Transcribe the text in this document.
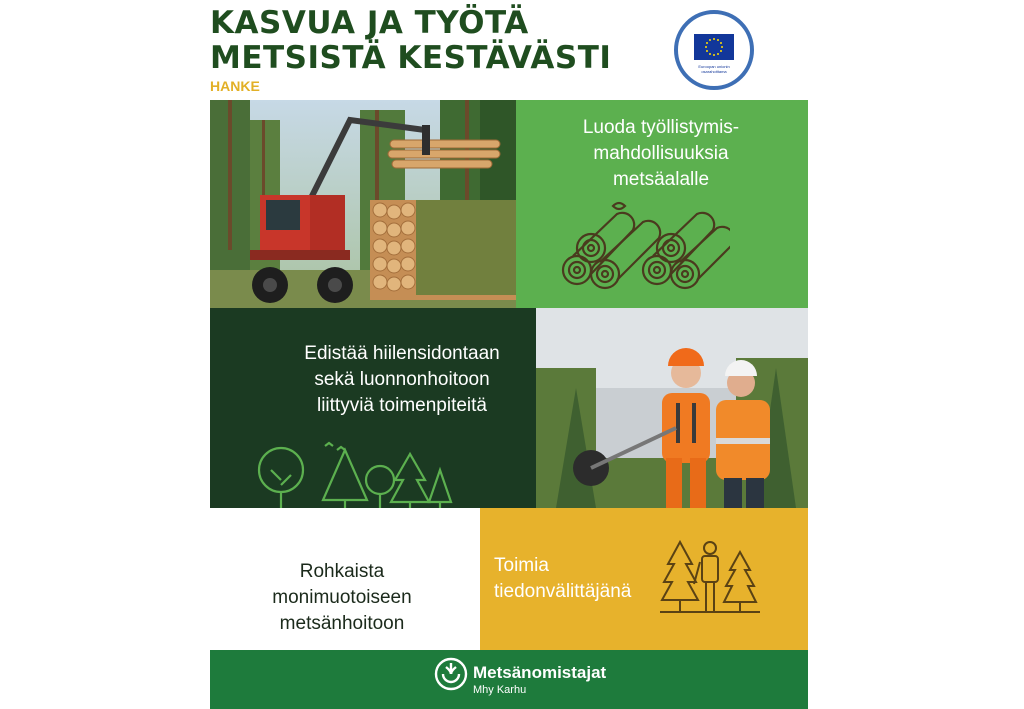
KASVUA JA TYÖTÄ
METSISTÄ KESTÄVÄSTI
HANKE
Euroopan unionin osarahoittama
Luoda työllistymis-
mahdollisuuksia
metsäalalle
Edistää hiilensidontaan
sekä luonnonhoitoon
liittyviä toimenpiteitä
Rohkaista
monimuotoiseen
metsänhoitoon
Toimia
tiedonvälittäjänä
Metsänomistajat
Mhy Karhu
